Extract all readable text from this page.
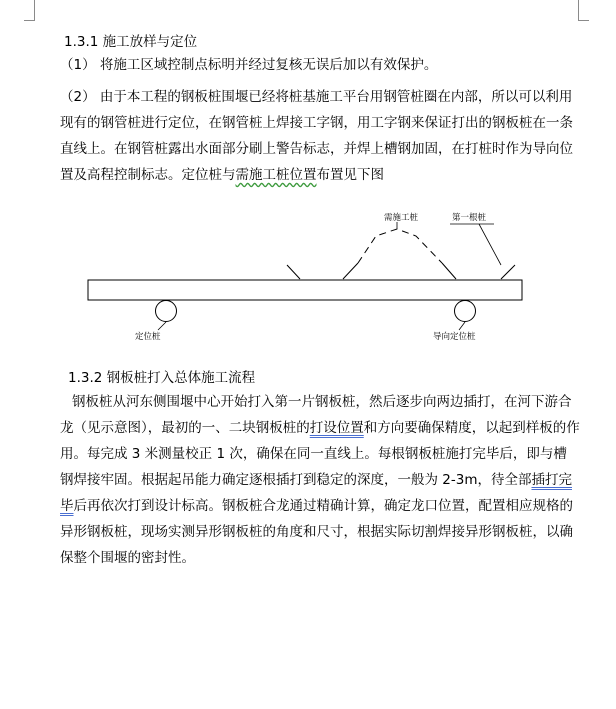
1.3.1 施工放样与定位

（1） 将施工区域控制点标明并经过复核无误后加以有效保护。

（2） 由于本工程的钢板桩围堰已经将桩基施工平台用钢管桩圈在内部，所以可以利用现有的钢管桩进行定位，在钢管桩上焊接工字钢，用工字钢来保证打出的钢板桩在一条直线上。在钢管桩露出水面部分刷上警告标志，并焊上槽钢加固，在打桩时作为导向位置及高程控制标志。定位桩与需施工桩位置布置见下图

需施工桩	第一根桩
定位桩	导向定位桩
1.3.2 钢板桩打入总体施工流程

钢板桩从河东侧围堰中心开始打入第一片钢板桩，然后逐步向两边插打，在河下游合龙（见示意图），最初的一、二块钢板桩的打设位置和方向要确保精度，以起到样板的作用。每完成 3 米测量校正 1 次，确保在同一直线上。每根钢板桩施打完毕后，即与槽钢焊接牢固。根据起吊能力确定逐根插打到稳定的深度，一般为 2-3m，待全部插打完毕后再依次打到设计标高。钢板桩合龙通过精确计算，确定龙口位置，配置相应规格的异形钢板桩，现场实测异形钢板桩的角度和尺寸，根据实际切割焊接异形钢板桩，以确保整个围堰的密封性。
